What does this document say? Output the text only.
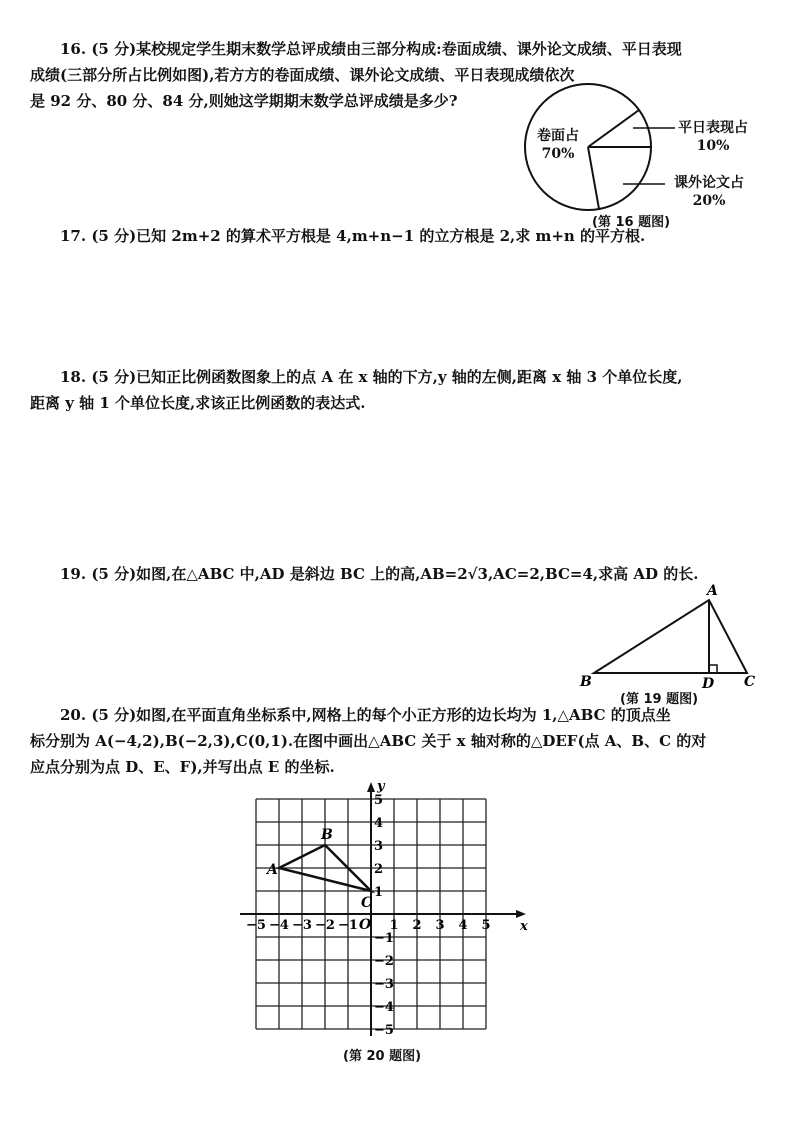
16. (5 分)某校规定学生期末数学总评成绩由三部分构成:卷面成绩、课外论文成绩、平日表现

成绩(三部分所占比例如图),若方方的卷面成绩、课外论文成绩、平日表现成绩依次

是 92 分、80 分、84 分,则她这学期期末数学总评成绩是多少?

卷面占
70%
平日表现占
10%
课外论文占
20%
(第 16 题图)

17. (5 分)已知 2m+2 的算术平方根是 4,m+n−1 的立方根是 2,求 m+n 的平方根.

18. (5 分)已知正比例函数图象上的点 A 在 x 轴的下方,y 轴的左侧,距离 x 轴 3 个单位长度,

距离 y 轴 1 个单位长度,求该正比例函数的表达式.

19. (5 分)如图,在△ABC 中,AD 是斜边 BC 上的高,AB=2√3,AC=2,BC=4,求高 AD 的长.

A
B	C
D
(第 19 题图)

20. (5 分)如图,在平面直角坐标系中,网格上的每个小正方形的边长均为 1,△ABC 的顶点坐

标分别为 A(−4,2),B(−2,3),C(0,1).在图中画出△ABC 关于 x 轴对称的△DEF(点 A、B、C 的对

应点分别为点 D、E、F),并写出点 E 的坐标.

x
y
O
−5 −4 −3 −2 −1 1 2 3 4 5
5
4
3
2
1
−1
−2
−3
−4
−5
A
B
C
(第 20 题图)
